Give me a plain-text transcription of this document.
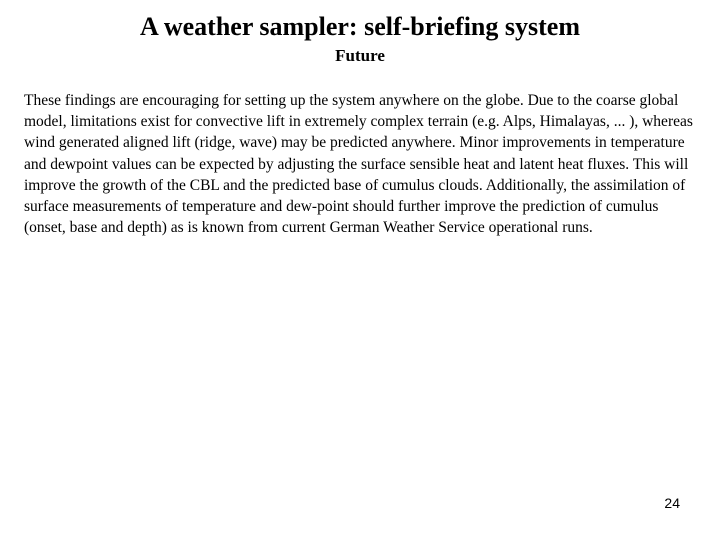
A weather sampler: self-briefing system
Future

These findings are encouraging for setting up the system anywhere on the globe. Due to the coarse global model, limitations exist for convective lift in extremely complex terrain (e.g. Alps, Himalayas, ... ), whereas wind generated aligned lift (ridge, wave) may be predicted anywhere. Minor improvements in temperature and dewpoint values can be expected by adjusting the surface sensible heat and latent heat fluxes. This will improve the growth of the CBL and the predicted base of cumulus clouds. Additionally, the assimilation of surface measurements of temperature and dew-point should further improve the prediction of cumulus (onset, base and depth) as is known from current German Weather Service operational runs.

24
